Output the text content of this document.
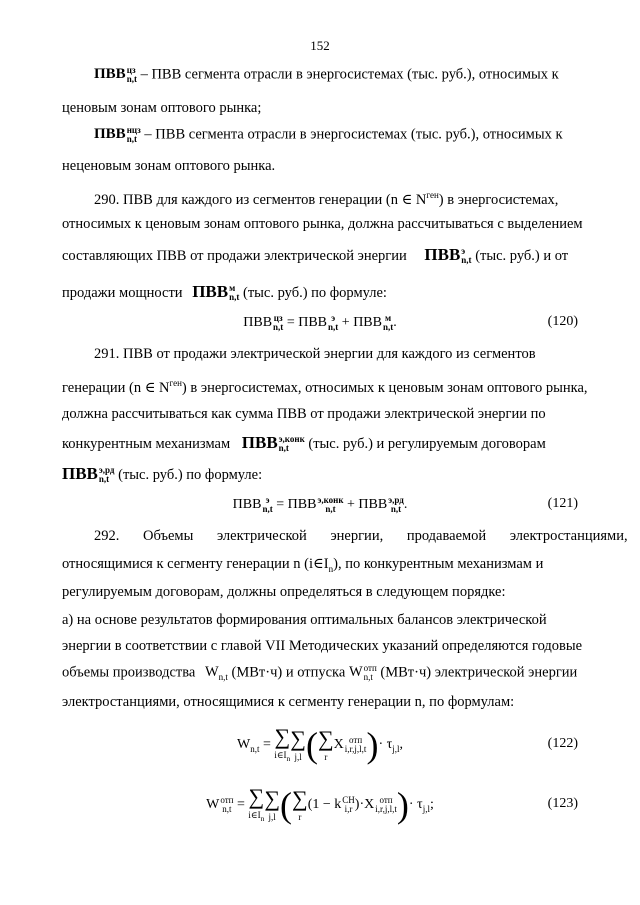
152
ПВВ цз
n,t – ПВВ сегмента отрасли в энергосистемах (тыс. руб.), относимых к
ценовым зонам оптового рынка;
ПВВ нцз
n,t – ПВВ сегмента отрасли в энергосистемах (тыс. руб.), относимых к
неценовым зонам оптового рынка.
290. ПВВ для каждого из сегментов генерации (n ∈ $N^{ген}$) в энергосистемах,
относимых к ценовым зонам оптового рынка, должна рассчитываться с выделением
составляющих ПВВ от продажи электрической энергии ПВВ э
n,t (тыс. руб.) и от
продажи мощности ПВВ м
n,t (тыс. руб.) по формуле:
ПВВ цз
n,t = ПВВ э
n,t + ПВВ м
n,t .	(120)
291. ПВВ от продажи электрической энергии для каждого из сегментов
генерации (n ∈ $N^{ген}$) в энергосистемах, относимых к ценовым зонам оптового рынка,
должна рассчитываться как сумма ПВВ от продажи электрической энергии по
конкурентным механизмам ПВВ э,конк
n,t	(тыс. руб.) и регулируемым договорам
ПВВ э,рд
n,t (тыс. руб.) по формуле:
ПВВ э
n,t = ПВВ э,конк
n,t + ПВВ э,рд
n,t .	(121)
292. Объемы электрической энергии, продаваемой электростанциями,
относящимися к сегменту генерации n $(i\in I_n)$, по конкурентным механизмам и
регулируемым договорам, должны определяться в следующем порядке:
а) на основе результатов формирования оптимальных балансов электрической
энергии в соответствии с главой VII Методических указаний определяются годовые
объемы производства $W_{n,t}$ (МВт·ч) и отпуска W отп
n,t (МВт·ч) электрической энергии
электростанциями, относящимися к сегменту генерации n, по формулам:
$W_{n,t}$ = ∑
$i\in I_n$
∑
j,l ( ∑
r
X отп
i,r,j,l,t )· $\tau_{j,l}$,	(122)
W отп
n,t = ∑
$i\in I_n$
∑
j,l ( ∑
r
(1 − k CH
i,r )·X отп
i,r,j,l,t )· $\tau_{j,l}$;	(123)
